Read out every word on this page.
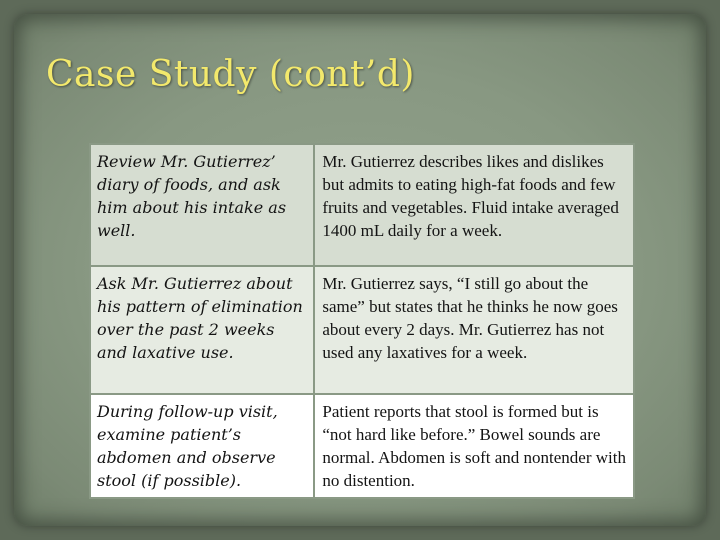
Case Study (cont’d)
Review Mr. Gutierrez’ diary of foods, and ask him about his intake as well.
Mr. Gutierrez describes likes and dislikes but admits to eating high-fat foods and few fruits and vegetables. Fluid intake averaged 1400 mL daily for a week.
Ask Mr. Gutierrez about his pattern of elimination over the past 2 weeks and laxative use.
Mr. Gutierrez says, “I still go about the same” but states that he thinks he now goes about every 2 days. Mr. Gutierrez has not used any laxatives for a week.
During follow-up visit, examine patient’s abdomen and observe stool (if possible).
Patient reports that stool is formed but is “not hard like before.” Bowel sounds are normal. Abdomen is soft and nontender with no distention.
